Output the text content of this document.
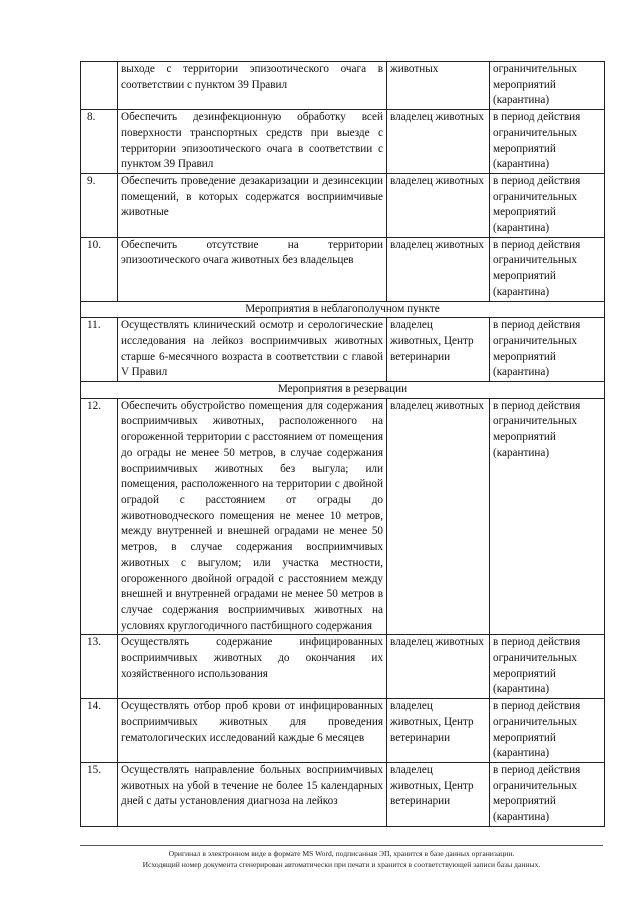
	выходе с территории эпизоотического очага в соответствии с пунктом 39 Правил	животных	ограничительных мероприятий (карантина)
8.	Обеспечить дезинфекционную обработку всей поверхности транспортных средств при выезде с территории эпизоотического очага в соответствии с пунктом 39 Правил	владелец животных	в период действия ограничительных мероприятий (карантина)
9.	Обеспечить проведение дезакаризации и дезинсекции помещений, в которых содержатся восприимчивые животные	владелец животных	в период действия ограничительных мероприятий (карантина)
10.	Обеспечить отсутствие на территории эпизоотического очага животных без владельцев	владелец животных	в период действия ограничительных мероприятий (карантина)
Мероприятия в неблагополучном пункте			
11.	Осуществлять клинический осмотр и серологические исследования на лейкоз восприимчивых животных старше 6-месячного возраста в соответствии с главой V Правил	владелец животных, Центр ветеринарии	в период действия ограничительных мероприятий (карантина)
Мероприятия в резервации			
12.	Обеспечить обустройство помещения для содержания восприимчивых животных, расположенного на огороженной территории с расстоянием от помещения до ограды не менее 50 метров, в случае содержания восприимчивых животных без выгула; или помещения, расположенного на территории с двойной оградой с расстоянием от ограды до животноводческого помещения не менее 10 метров, между внутренней и внешней оградами не менее 50 метров, в случае содержания восприимчивых животных с выгулом; или участка местности, огороженного двойной оградой с расстоянием между внешней и внутренней оградами не менее 50 метров в случае содержания восприимчивых животных на условиях круглогодичного пастбищного содержания	владелец животных	в период действия ограничительных мероприятий (карантина)
13.	Осуществлять содержание инфицированных восприимчивых животных до окончания их хозяйственного использования	владелец животных	в период действия ограничительных мероприятий (карантина)
14.	Осуществлять отбор проб крови от инфицированных восприимчивых животных для проведения гематологических исследований каждые 6 месяцев	владелец животных, Центр ветеринарии	в период действия ограничительных мероприятий (карантина)
15.	Осуществлять направление больных восприимчивых животных на убой в течение не более 15 календарных дней с даты установления диагноза на лейкоз	владелец животных, Центр ветеринарии	в период действия ограничительных мероприятий (карантина)
Оригинал в электронном виде в формате MS Word, подписанная ЭП, хранится в базе данных организации.
Исходящий номер документа сгенерирован автоматически при печати и хранится в соответствующей записи базы данных.
